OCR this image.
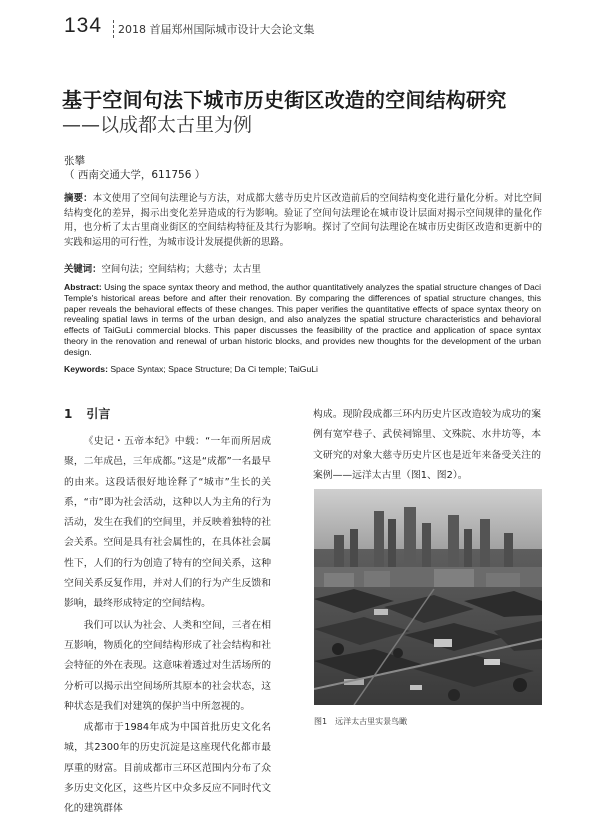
134 2018 首届郑州国际城市设计大会论文集
基于空间句法下城市历史街区改造的空间结构研究
——以成都太古里为例
张攀
（ 西南交通大学，611756 ）
摘要：本文使用了空间句法理论与方法，对成都大慈寺历史片区改造前后的空间结构变化进行量化分析。对比空间结构变化的差异，揭示出变化差异造成的行为影响。验证了空间句法理论在城市设计层面对揭示空间规律的量化作用，也分析了太古里商业街区的空间结构特征及其行为影响。探讨了空间句法理论在城市历史街区改造和更新中的实践和运用的可行性，为城市设计发展提供新的思路。
关键词：空间句法；空间结构；大慈寺；太古里
Abstract: Using the space syntax theory and method, the author quantitatively analyzes the spatial structure changes of Daci Temple's historical areas before and after their renovation. By comparing the differences of spatial structure changes, this paper reveals the behavioral effects of these changes. This paper verifies the quantitative effects of space syntax theory on revealing spatial laws in terms of the urban design, and also analyzes the spatial structure characteristics and behavioral effects of TaiGuLi commercial blocks. This paper discusses the feasibility of the practice and application of space syntax theory in the renovation and renewal of urban historic blocks, and provides new thoughts for the development of the urban design.
Keywords: Space Syntax; Space Structure; Da Ci temple; TaiGuLi
1 引言

《史记・五帝本纪》中载：“一年而所居成聚，二年成邑，三年成都。”这是“成都”一名最早的由来。这段话很好地诠释了“城市”生长的关系，“市”即为社会活动，这种以人为主角的行为活动，发生在我们的空间里，并反映着独特的社会关系。空间是具有社会属性的，在具体社会属性下，人们的行为创造了特有的空间关系，这种空间关系反复作用，并对人们的行为产生反馈和影响，最终形成特定的空间结构。

我们可以认为社会、人类和空间，三者在相互影响，物质化的空间结构形成了社会结构和社会特征的外在表现。这意味着透过对生活场所的分析可以揭示出空间场所其原本的社会状态，这种状态是我们对建筑的保护当中所忽视的。

成都市于1984年成为中国首批历史文化名城，其2300年的历史沉淀是这座现代化都市最厚重的财富。目前成都市三环区范围内分布了众多历史文化区，这些片区中众多反应不同时代文化的建筑群体

构成。现阶段成都三环内历史片区改造较为成功的案例有宽窄巷子、武侯祠锦里、文殊院、水井坊等，本文研究的对象大慈寺历史片区也是近年来备受关注的案例——远洋太古里（图1、图2）。

图1 远洋太古里实景鸟瞰
